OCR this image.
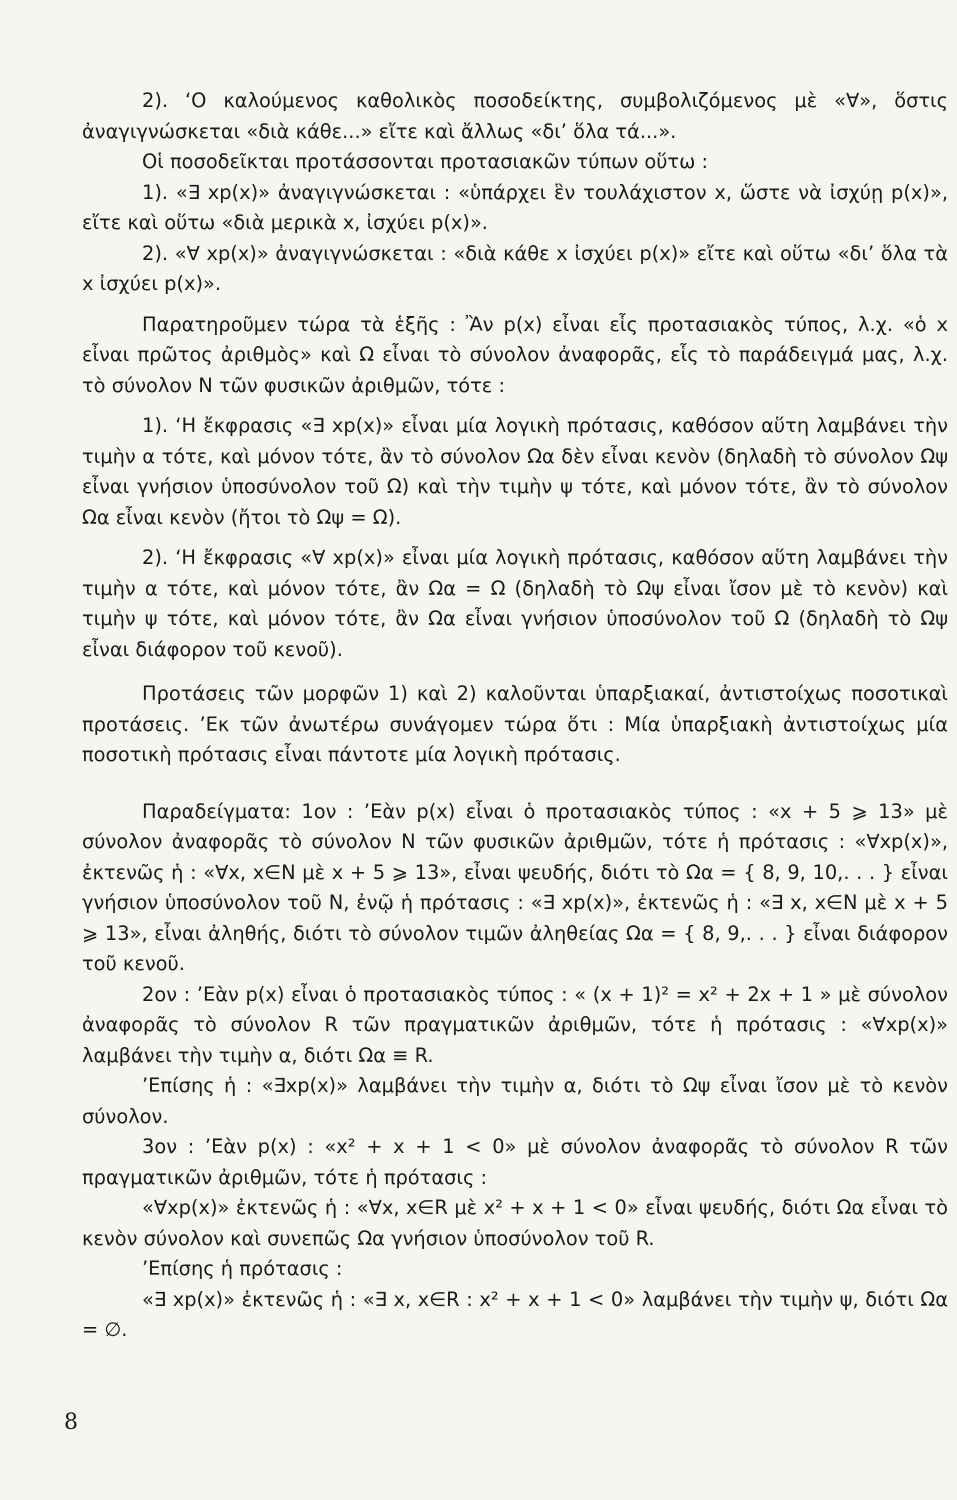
2). ‘Ο καλούμενος καθολικὸς ποσοδείκτης, συμβολιζόμενος μὲ «∀», ὅστις ἀναγιγνώσκεται «διὰ κάθε...» εἴτε καὶ ἄλλως «δι’ ὅλα τά...».

Οἱ ποσοδεῖκται προτάσσονται προτασιακῶν τύπων οὕτω :

1). «∃ xp(x)» ἀναγιγνώσκεται : «ὑπάρχει ἓν τουλάχιστον x, ὥστε νὰ ἰσχύῃ p(x)», εἴτε καὶ οὕτω «διὰ μερικὰ x, ἰσχύει p(x)».

2). «∀ xp(x)» ἀναγιγνώσκεται : «διὰ κάθε x ἰσχύει p(x)» εἴτε καὶ οὕτω «δι’ ὅλα τὰ x ἰσχύει p(x)».

Παρατηροῦμεν τώρα τὰ ἑξῆς : Ἂν p(x) εἶναι εἷς προτασιακὸς τύπος, λ.χ. «ὁ x εἶναι πρῶτος ἀριθμὸς» καὶ Ω εἶναι τὸ σύνολον ἀναφορᾶς, εἷς τὸ παράδειγμά μας, λ.χ. τὸ σύνολον N τῶν φυσικῶν ἀριθμῶν, τότε :

1). ‘Η ἔκφρασις «∃ xp(x)» εἶναι μία λογικὴ πρότασις, καθόσον αὕτη λαμβάνει τὴν τιμὴν α τότε, καὶ μόνον τότε, ἂν τὸ σύνολον Ωα δὲν εἶναι κενὸν (δηλαδὴ τὸ σύνολον Ωψ εἶναι γνήσιον ὑποσύνολον τοῦ Ω) καὶ τὴν τιμὴν ψ τότε, καὶ μόνον τότε, ἂν τὸ σύνολον Ωα εἶναι κενὸν (ἤτοι τὸ Ωψ = Ω).

2). ‘Η ἔκφρασις «∀ xp(x)» εἶναι μία λογικὴ πρότασις, καθόσον αὕτη λαμβάνει τὴν τιμὴν α τότε, καὶ μόνον τότε, ἂν Ωα = Ω (δηλαδὴ τὸ Ωψ εἶναι ἴσον μὲ τὸ κενὸν) καὶ τιμὴν ψ τότε, καὶ μόνον τότε, ἂν Ωα εἶναι γνήσιον ὑποσύνολον τοῦ Ω (δηλαδὴ τὸ Ωψ εἶναι διάφορον τοῦ κενοῦ).

Προτάσεις τῶν μορφῶν 1) καὶ 2) καλοῦνται ὑπαρξιακαί, ἀντιστοίχως ποσοτικαὶ προτάσεις. ’Εκ τῶν ἀνωτέρω συνάγομεν τώρα ὅτι : Μία ὑπαρξιακὴ ἀντιστοίχως μία ποσοτικὴ πρότασις εἶναι πάντοτε μία λογικὴ πρότασις.

Παραδείγματα: 1ον : ’Εὰν p(x) εἶναι ὁ προτασιακὸς τύπος : «x + 5 ⩾ 13» μὲ σύνολον ἀναφορᾶς τὸ σύνολον N τῶν φυσικῶν ἀριθμῶν, τότε ἡ πρότασις : «∀xp(x)», ἐκτενῶς ἡ : «∀x, x∈N μὲ x + 5 ⩾ 13», εἶναι ψευδής, διότι τὸ Ωα = { 8, 9, 10,. . . } εἶναι γνήσιον ὑποσύνολον τοῦ N, ἐνῷ ἡ πρότασις : «∃ xp(x)», ἐκτενῶς ἡ : «∃ x, x∈N μὲ x + 5 ⩾ 13», εἶναι ἀληθής, διότι τὸ σύνολον τιμῶν ἀληθείας Ωα = { 8, 9,. . . } εἶναι διάφορον τοῦ κενοῦ.

2ον : ’Εὰν p(x) εἶναι ὁ προτασιακὸς τύπος : « (x + 1)² = x² + 2x + 1 » μὲ σύνολον ἀναφορᾶς τὸ σύνολον R τῶν πραγματικῶν ἀριθμῶν, τότε ἡ πρότασις : «∀xp(x)» λαμβάνει τὴν τιμὴν α, διότι Ωα ≡ R.

’Επίσης ἡ : «∃xp(x)» λαμβάνει τὴν τιμὴν α, διότι τὸ Ωψ εἶναι ἴσον μὲ τὸ κενὸν σύνολον.

3ον : ’Εὰν p(x) : «x² + x + 1 < 0» μὲ σύνολον ἀναφορᾶς τὸ σύνολον R τῶν πραγματικῶν ἀριθμῶν, τότε ἡ πρότασις :

«∀xp(x)» ἐκτενῶς ἡ : «∀x, x∈R μὲ x² + x + 1 < 0» εἶναι ψευδής, διότι Ωα εἶναι τὸ κενὸν σύνολον καὶ συνεπῶς Ωα γνήσιον ὑποσύνολον τοῦ R.

’Επίσης ἡ πρότασις :

«∃ xp(x)» ἐκτενῶς ἡ : «∃ x, x∈R : x² + x + 1 < 0» λαμβάνει τὴν τιμὴν ψ, διότι Ωα = ∅.

8
